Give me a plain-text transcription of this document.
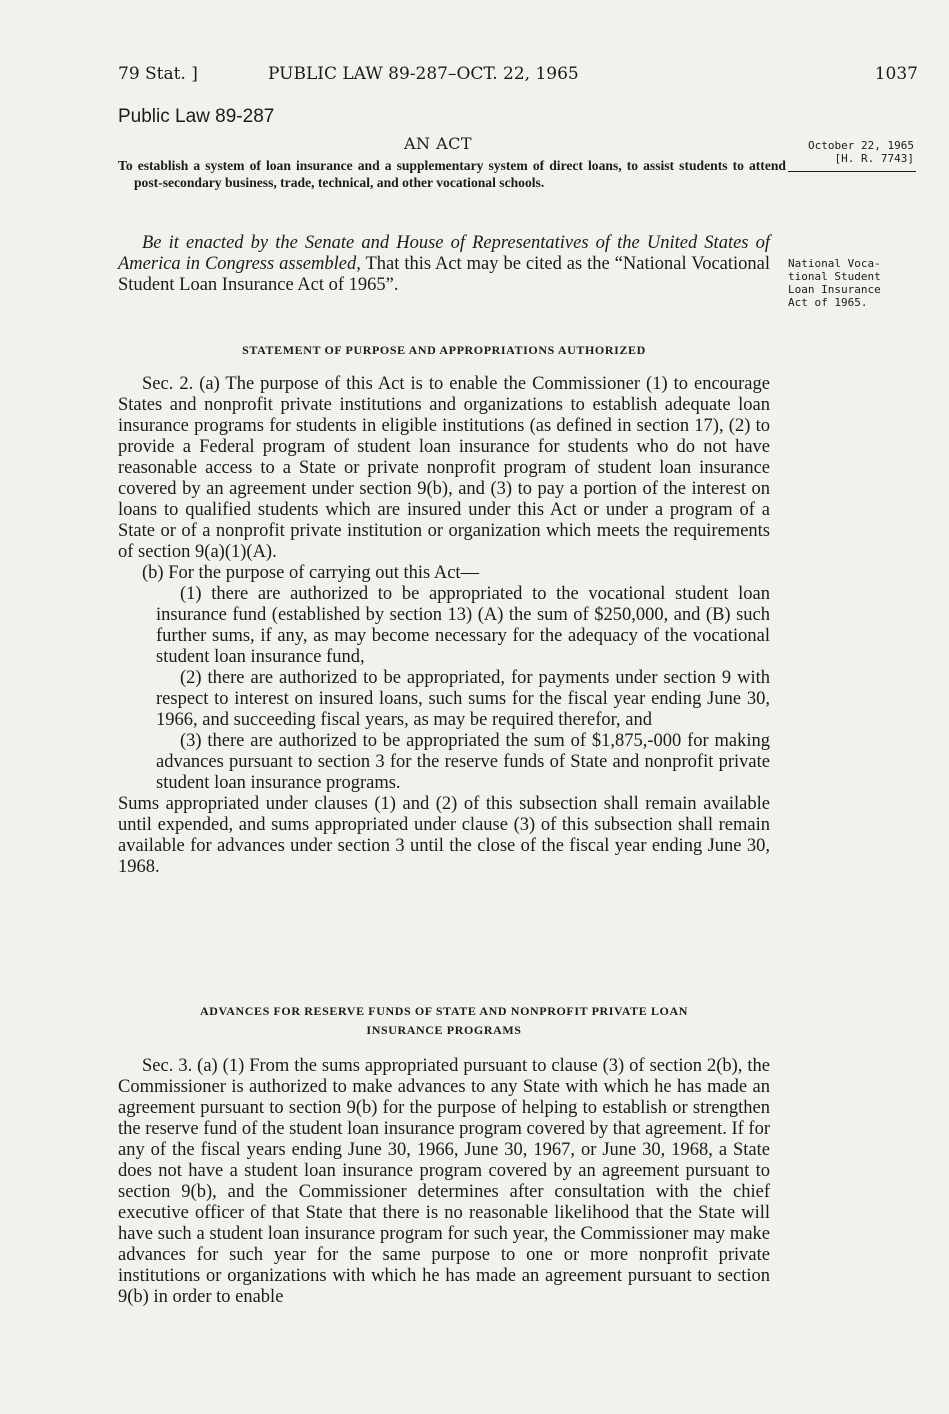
79 Stat. ]	PUBLIC LAW 89-287–OCT. 22, 1965	1037
Public Law 89-287
AN ACT
To establish a system of loan insurance and a supplementary system of direct loans, to assist students to attend post-secondary business, trade, technical, and other vocational schools.
October 22, 1965
[H. R. 7743]
National Voca-
tional Student
Loan Insurance
Act of 1965.
Be it enacted by the Senate and House of Representatives of the United States of America in Congress assembled, That this Act may be cited as the “National Vocational Student Loan Insurance Act of 1965”.
STATEMENT OF PURPOSE AND APPROPRIATIONS AUTHORIZED

Sec. 2. (a) The purpose of this Act is to enable the Commissioner (1) to encourage States and nonprofit private institutions and organizations to establish adequate loan insurance programs for students in eligible institutions (as defined in section 17), (2) to provide a Federal program of student loan insurance for students who do not have reasonable access to a State or private nonprofit program of student loan insurance covered by an agreement under section 9(b), and (3) to pay a portion of the interest on loans to qualified students which are insured under this Act or under a program of a State or of a nonprofit private institution or organization which meets the requirements of section 9(a)(1)(A).

(b) For the purpose of carrying out this Act—

(1) there are authorized to be appropriated to the vocational student loan insurance fund (established by section 13) (A) the sum of $250,000, and (B) such further sums, if any, as may become necessary for the adequacy of the vocational student loan insurance fund,

(2) there are authorized to be appropriated, for payments under section 9 with respect to interest on insured loans, such sums for the fiscal year ending June 30, 1966, and succeeding fiscal years, as may be required therefor, and

(3) there are authorized to be appropriated the sum of $1,875,-000 for making advances pursuant to section 3 for the reserve funds of State and nonprofit private student loan insurance programs.

Sums appropriated under clauses (1) and (2) of this subsection shall remain available until expended, and sums appropriated under clause (3) of this subsection shall remain available for advances under section 3 until the close of the fiscal year ending June 30, 1968.

ADVANCES FOR RESERVE FUNDS OF STATE AND NONPROFIT PRIVATE LOAN
INSURANCE PROGRAMS

Sec. 3. (a) (1) From the sums appropriated pursuant to clause (3) of section 2(b), the Commissioner is authorized to make advances to any State with which he has made an agreement pursuant to section 9(b) for the purpose of helping to establish or strengthen the reserve fund of the student loan insurance program covered by that agreement. If for any of the fiscal years ending June 30, 1966, June 30, 1967, or June 30, 1968, a State does not have a student loan insurance program covered by an agreement pursuant to section 9(b), and the Commissioner determines after consultation with the chief executive officer of that State that there is no reasonable likelihood that the State will have such a student loan insurance program for such year, the Commissioner may make advances for such year for the same purpose to one or more nonprofit private institutions or organizations with which he has made an agreement pursuant to section 9(b) in order to enable
